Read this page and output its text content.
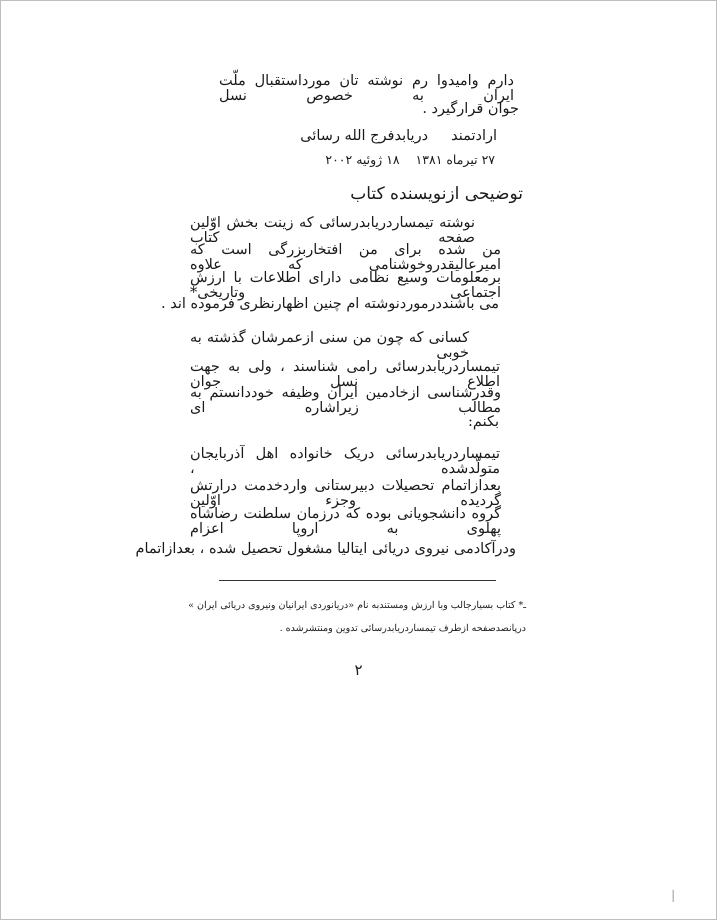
دارم وامیدوا رم نوشته تان مورداستقبال ملّت ایران به خصوص نسل
جوان قرارگیرد .
ارادتمند     دریابدفرج الله رسائی
۲۷ تیرماه ۱۳۸۱    ۱۸ ژوئیه ۲۰۰۲
توضیحی ازنویسنده کتاب
نوشته تیمساردریابدرسائی که زینت بخش اوّلین صفحه کتاب
من شده برای من افتخاربزرگی است که امیرعالیقدروخوشنامی که علاوه
برمعلومات وسیع نظامی دارای اطلاعات با ارزش اجتماعی وتاریخی*
می باشنددرموردنوشته ام چنین اظهارنظری فرموده اند .
کسانی که چون من سنی ازعمرشان گذشته به خوبی
تیمساردریابدرسائی رامی شناسند ، ولی به جهت اطلاع نسل جوان
وقدرشناسی ازخادمین ایران وظیفه خوددانستم به مطالب زیراشاره ای
بکنم:
تیمساردریابدرسائی دریک خانواده اهل آذربایجان متولّدشده ،
بعدازاتمام تحصیلات دبیرستانی واردخدمت درارتش گردیده وجزء اوّلین
گروه دانشجویانی بوده که درزمان سلطنت رضاشاه پهلوی به اروپا اعزام
ودرآکادمی نیروی دریائی ایتالیا مشغول تحصیل شده ، بعدازاتمام
ـ* کتاب بسیارجالب وبا ارزش ومستندبه نام «دریانوردی ایرانیان ونیروی دریائی ایران »
درپانصدصفحه ازطرف تیمساردریابدرسائی تدوین ومنتشرشده .
۲
ﺍ
